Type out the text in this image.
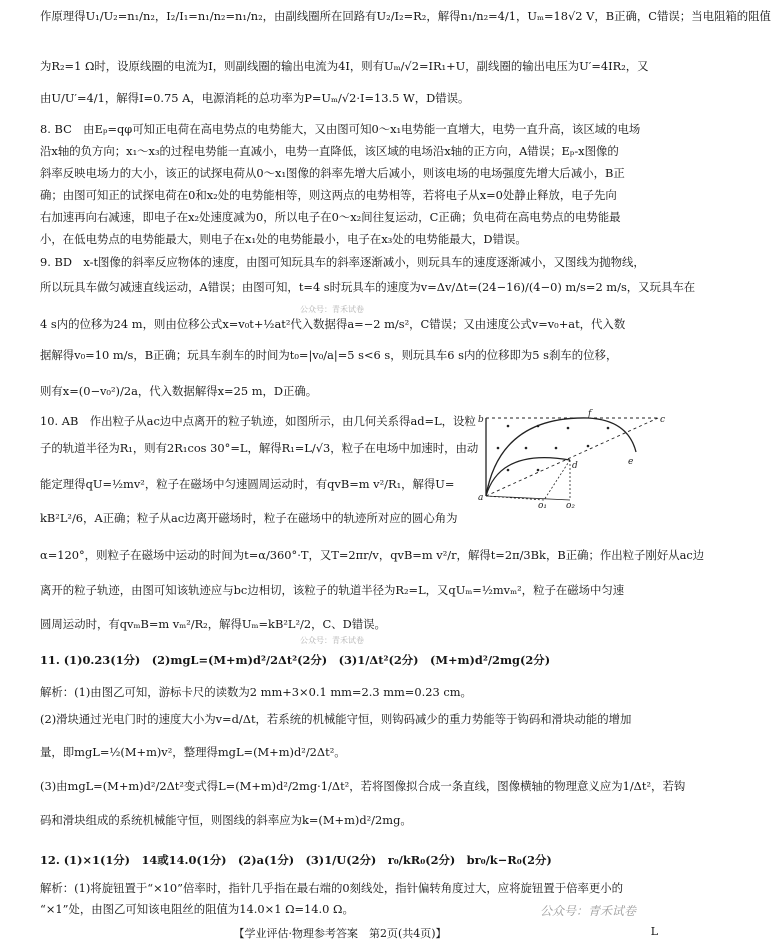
作原理得U₁/U₂=n₁/n₂，I₂/I₁=n₁/n₂=n₁/n₂，由副线圈所在回路有U₂/I₂=R₂，解得n₁/n₂=4/1，Uₘ=18√2 V，B正确，C错误；当电阻箱的阻值
为R₂=1 Ω时，设原线圈的电流为I，则副线圈的输出电流为4I，则有Uₘ/√2=IR₁+U，副线圈的输出电压为U′=4IR₂，又
由U/U′=4/1，解得I=0.75 A，电源消耗的总功率为P=Uₘ/√2·I=13.5 W，D错误。
8. BC　由Eₚ=qφ可知正电荷在高电势点的电势能大，又由图可知0～x₁电势能一直增大，电势一直升高，该区域的电场
沿x轴的负方向；x₁～x₃的过程电势能一直减小，电势一直降低，该区域的电场沿x轴的正方向，A错误；Eₚ-x图像的
斜率反映电场力的大小，该正的试探电荷从0～x₁图像的斜率先增大后减小，则该电场的电场强度先增大后减小，B正
确；由图可知正的试探电荷在0和x₂处的电势能相等，则这两点的电势相等，若将电子从x=0处静止释放，电子先向
右加速再向右减速，即电子在x₂处速度减为0，所以电子在0～x₂间往复运动，C正确；负电荷在高电势点的电势能最
小，在低电势点的电势能最大，则电子在x₁处的电势能最小，电子在x₃处的电势能最大，D错误。
9. BD　x-t图像的斜率反应物体的速度，由图可知玩具车的斜率逐渐减小，则玩具车的速度逐渐减小，又图线为抛物线，
所以玩具车做匀减速直线运动，A错误；由图可知，t=4 s时玩具车的速度为v=Δv/Δt=(24−16)/(4−0) m/s=2 m/s，又玩具车在
4 s内的位移为24 m，则由位移公式x=v₀t+½at²代入数据得a=−2 m/s²，C错误；又由速度公式v=v₀+at，代入数
据解得v₀=10 m/s，B正确；玩具车刹车的时间为t₀=|v₀/a|=5 s<6 s，则玩具车6 s内的位移即为5 s刹车的位移，
则有x=(0−v₀²)/2a，代入数据解得x=25 m，D正确。
10. AB　作出粒子从ac边中点离开的粒子轨迹，如图所示，由几何关系得ad=L，设粒
子的轨道半径为R₁，则有2R₁cos 30°=L，解得R₁=L/√3，粒子在电场中加速时，由动
能定理得qU=½mv²，粒子在磁场中匀速圆周运动时，有qvB=m v²/R₁，解得U=
kB²L²/6，A正确；粒子从ac边离开磁场时，粒子在磁场中的轨迹所对应的圆心角为
α=120°，则粒子在磁场中运动的时间为t=α/360°·T，又T=2πr/v，qvB=m v²/r，解得t=2π/3Bk，B正确；作出粒子刚好从ac边
离开的粒子轨迹，由图可知该轨迹应与bc边相切，该粒子的轨道半径为R₂=L，又qUₘ=½mvₘ²，粒子在磁场中匀速
圆周运动时，有qvₘB=m vₘ²/R₂，解得Uₘ=kB²L²/2，C、D错误。
11. (1)0.23(1分)　(2)mgL=(M+m)d²/2Δt²(2分)　(3)1/Δt²(2分)　(M+m)d²/2mg(2分)
解析：(1)由图乙可知，游标卡尺的读数为2 mm+3×0.1 mm=2.3 mm=0.23 cm。
(2)滑块通过光电门时的速度大小为v=d/Δt，若系统的机械能守恒，则钩码减少的重力势能等于钩码和滑块动能的增加
量，即mgL=½(M+m)v²，整理得mgL=(M+m)d²/2Δt²。
(3)由mgL=(M+m)d²/2Δt²变式得L=(M+m)d²/2mg·1/Δt²，若将图像拟合成一条直线，图像横轴的物理意义应为1/Δt²，若钩
码和滑块组成的系统机械能守恒，则图线的斜率应为k=(M+m)d²/2mg。
12. (1)×1(1分)　14或14.0(1分)　(2)a(1分)　(3)1/U(2分)　r₀/kR₀(2分)　br₀/k−R₀(2分)
解析：(1)将旋钮置于“×10”倍率时，指针几乎指在最右端的0刻线处，指针偏转角度过大，应将旋钮置于倍率更小的
“×1”处，由图乙可知该电阻丝的阻值为14.0×1 Ω=14.0 Ω。
公众号：青禾试卷
公众号：青禾试卷
b	c
a
d	e
f
o₁ o₂
公众号：青禾试卷
【学业评估·物理参考答案　第2页(共4页)】	L
